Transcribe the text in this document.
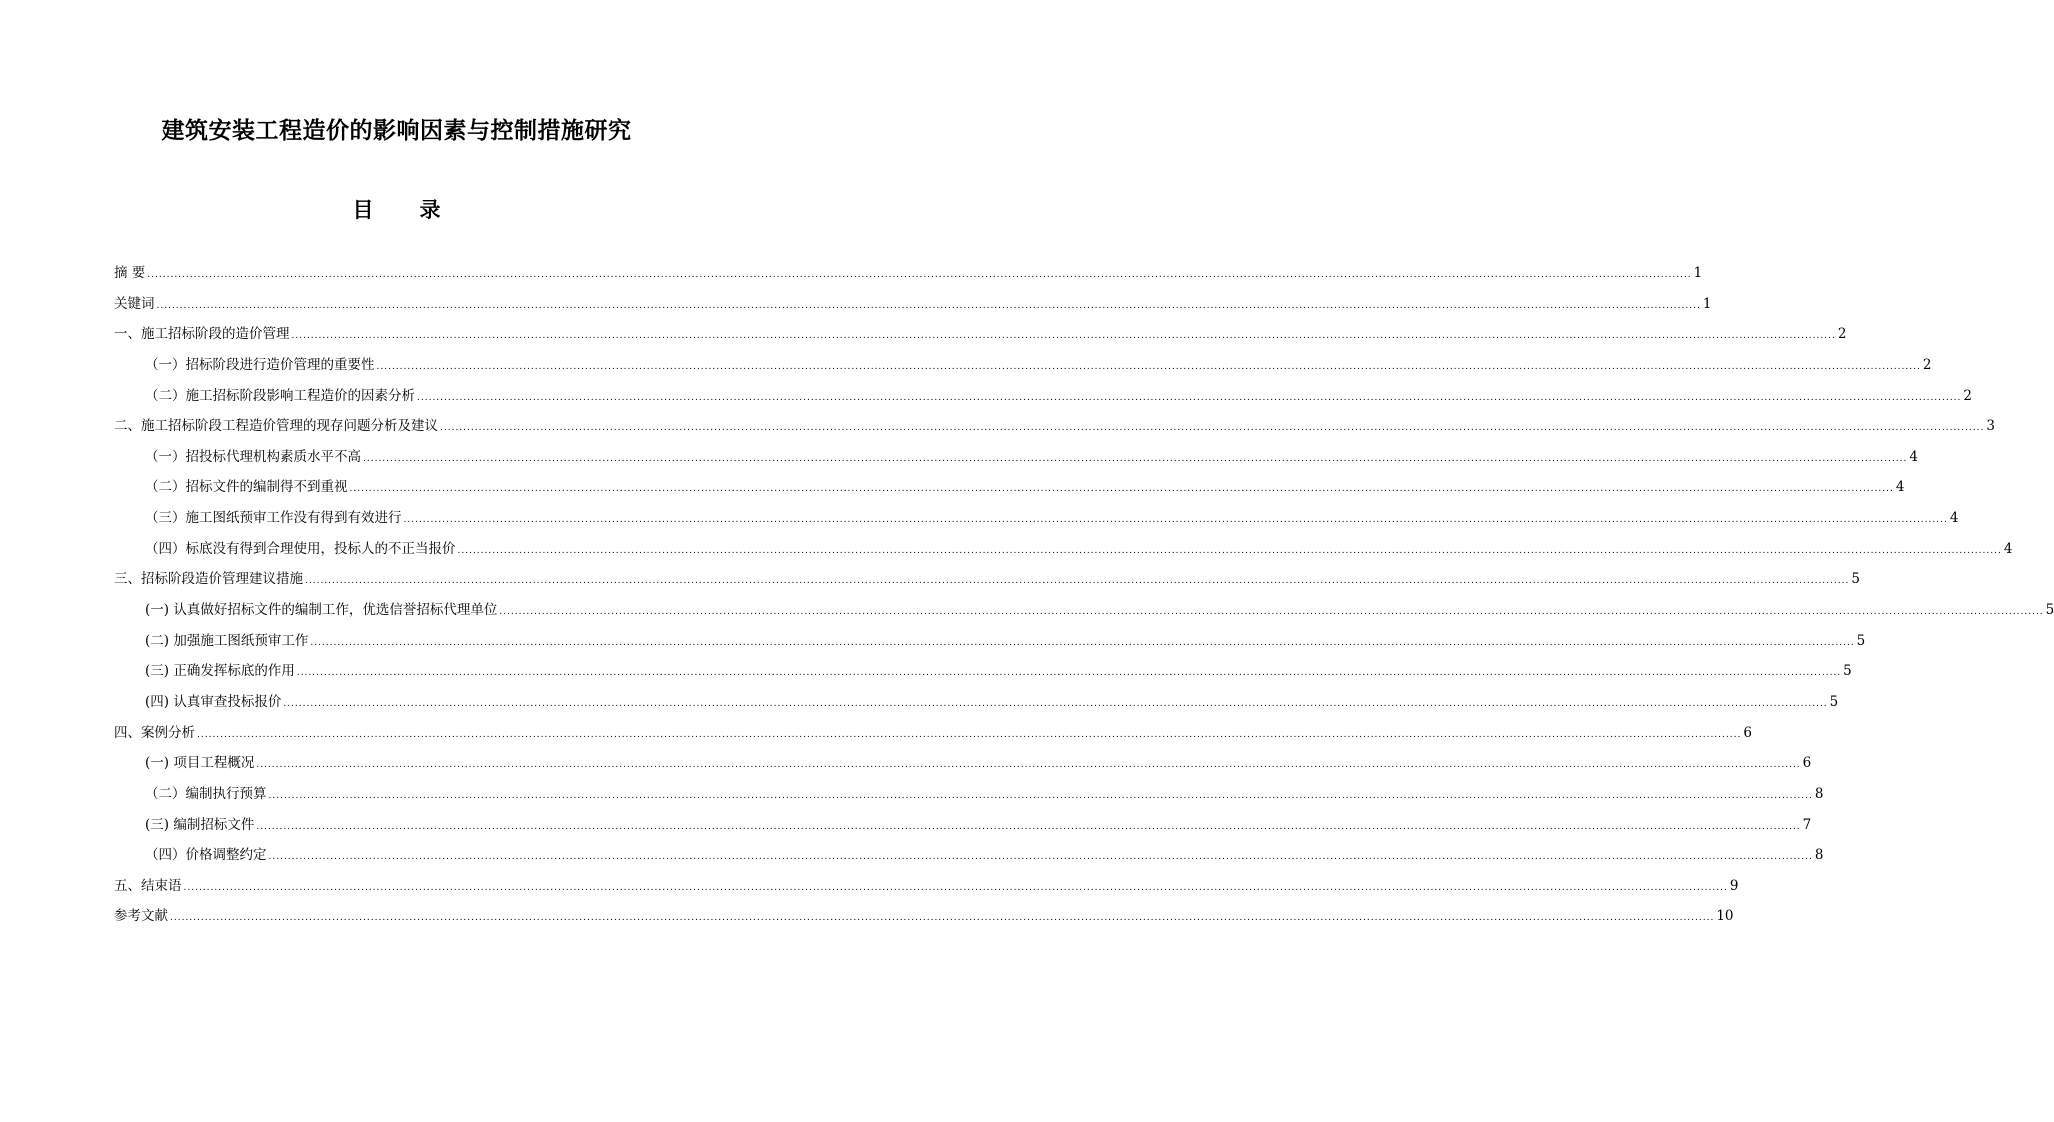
建筑安装工程造价的影响因素与控制措施研究
目 录
摘 要 ................................................................................................................................................................................................................................................................................................................................................................................................................ 1
关键词 ................................................................................................................................................................................................................................................................................................................................................................................................................ 1
一、施工招标阶段的造价管理 ................................................................................................................................................................................................................................................................................................................................................................................................................ 2
（一）招标阶段进行造价管理的重要性 ................................................................................................................................................................................................................................................................................................................................................................................................................ 2
（二）施工招标阶段影响工程造价的因素分析 ................................................................................................................................................................................................................................................................................................................................................................................................................ 2
二、施工招标阶段工程造价管理的现存问题分析及建议 ................................................................................................................................................................................................................................................................................................................................................................................................................ 3
（一）招投标代理机构素质水平不高 ................................................................................................................................................................................................................................................................................................................................................................................................................ 4
（二）招标文件的编制得不到重视 ................................................................................................................................................................................................................................................................................................................................................................................................................ 4
（三）施工图纸预审工作没有得到有效进行 ................................................................................................................................................................................................................................................................................................................................................................................................................ 4
（四）标底没有得到合理使用，投标人的不正当报价 ................................................................................................................................................................................................................................................................................................................................................................................................................ 4
三、招标阶段造价管理建议措施 ................................................................................................................................................................................................................................................................................................................................................................................................................ 5
(一) 认真做好招标文件的编制工作，优选信誉招标代理单位 ................................................................................................................................................................................................................................................................................................................................................................................................................ 5
(二) 加强施工图纸预审工作 ................................................................................................................................................................................................................................................................................................................................................................................................................ 5
(三) 正确发挥标底的作用 ................................................................................................................................................................................................................................................................................................................................................................................................................ 5
(四) 认真审查投标报价 ................................................................................................................................................................................................................................................................................................................................................................................................................ 5
四、案例分析 ................................................................................................................................................................................................................................................................................................................................................................................................................ 6
(一) 项目工程概况 ................................................................................................................................................................................................................................................................................................................................................................................................................ 6
（二）编制执行预算 ................................................................................................................................................................................................................................................................................................................................................................................................................ 8
(三) 编制招标文件 ................................................................................................................................................................................................................................................................................................................................................................................................................ 7
（四）价格调整约定 ................................................................................................................................................................................................................................................................................................................................................................................................................ 8
五、结束语 ................................................................................................................................................................................................................................................................................................................................................................................................................ 9
参考文献 ................................................................................................................................................................................................................................................................................................................................................................................................................ 10
